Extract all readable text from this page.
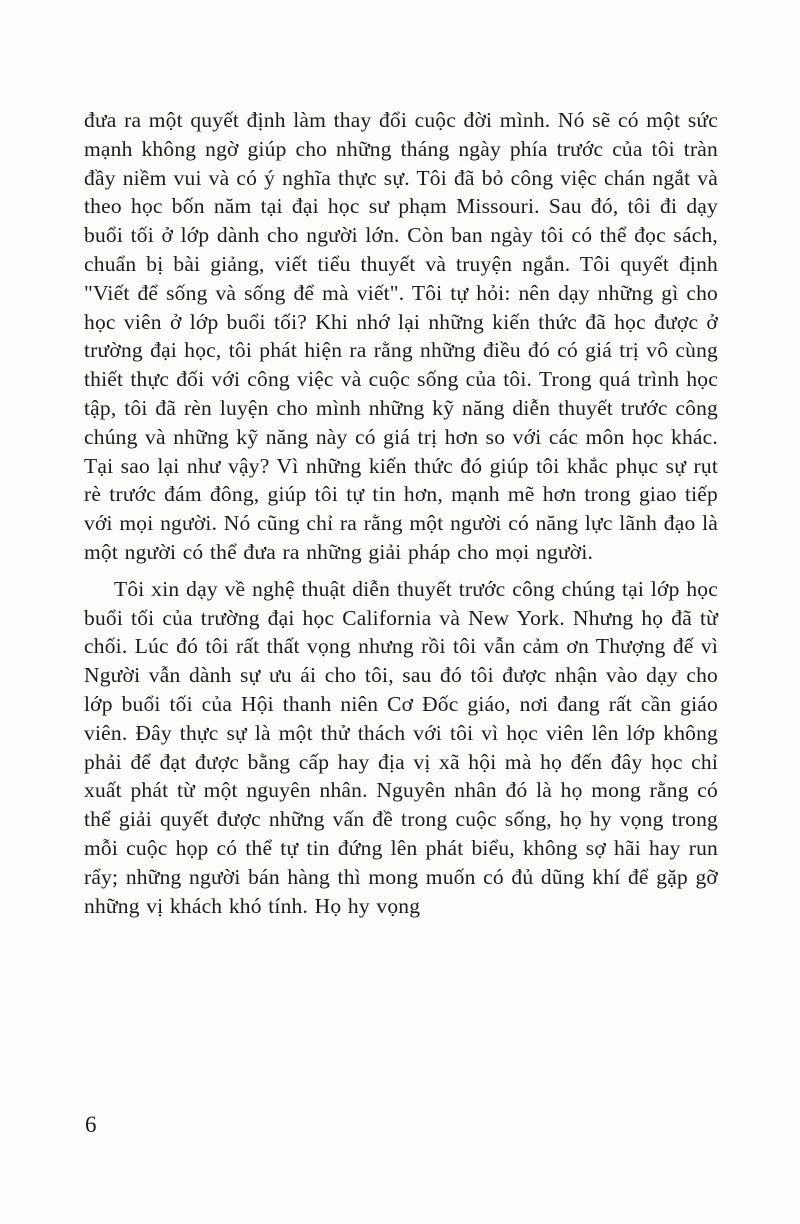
đưa ra một quyết định làm thay đổi cuộc đời mình. Nó sẽ có một sức mạnh không ngờ giúp cho những tháng ngày phía trước của tôi tràn đầy niềm vui và có ý nghĩa thực sự. Tôi đã bỏ công việc chán ngắt và theo học bốn năm tại đại học sư phạm Missouri. Sau đó, tôi đi dạy buổi tối ở lớp dành cho người lớn. Còn ban ngày tôi có thể đọc sách, chuẩn bị bài giảng, viết tiểu thuyết và truyện ngắn. Tôi quyết định "Viết để sống và sống để mà viết". Tôi tự hỏi: nên dạy những gì cho học viên ở lớp buổi tối? Khi nhớ lại những kiến thức đã học được ở trường đại học, tôi phát hiện ra rằng những điều đó có giá trị vô cùng thiết thực đối với công việc và cuộc sống của tôi. Trong quá trình học tập, tôi đã rèn luyện cho mình những kỹ năng diễn thuyết trước công chúng và những kỹ năng này có giá trị hơn so với các môn học khác. Tại sao lại như vậy? Vì những kiến thức đó giúp tôi khắc phục sự rụt rè trước đám đông, giúp tôi tự tin hơn, mạnh mẽ hơn trong giao tiếp với mọi người. Nó cũng chỉ ra rằng một người có năng lực lãnh đạo là một người có thể đưa ra những giải pháp cho mọi người.

Tôi xin dạy về nghệ thuật diễn thuyết trước công chúng tại lớp học buổi tối của trường đại học California và New York. Nhưng họ đã từ chối. Lúc đó tôi rất thất vọng nhưng rồi tôi vẫn cảm ơn Thượng đế vì Người vẫn dành sự ưu ái cho tôi, sau đó tôi được nhận vào dạy cho lớp buổi tối của Hội thanh niên Cơ Đốc giáo, nơi đang rất cần giáo viên. Đây thực sự là một thử thách với tôi vì học viên lên lớp không phải để đạt được bằng cấp hay địa vị xã hội mà họ đến đây học chỉ xuất phát từ một nguyên nhân. Nguyên nhân đó là họ mong rằng có thể giải quyết được những vấn đề trong cuộc sống, họ hy vọng trong mỗi cuộc họp có thể tự tin đứng lên phát biểu, không sợ hãi hay run rẩy; những người bán hàng thì mong muốn có đủ dũng khí để gặp gỡ những vị khách khó tính. Họ hy vọng

6
